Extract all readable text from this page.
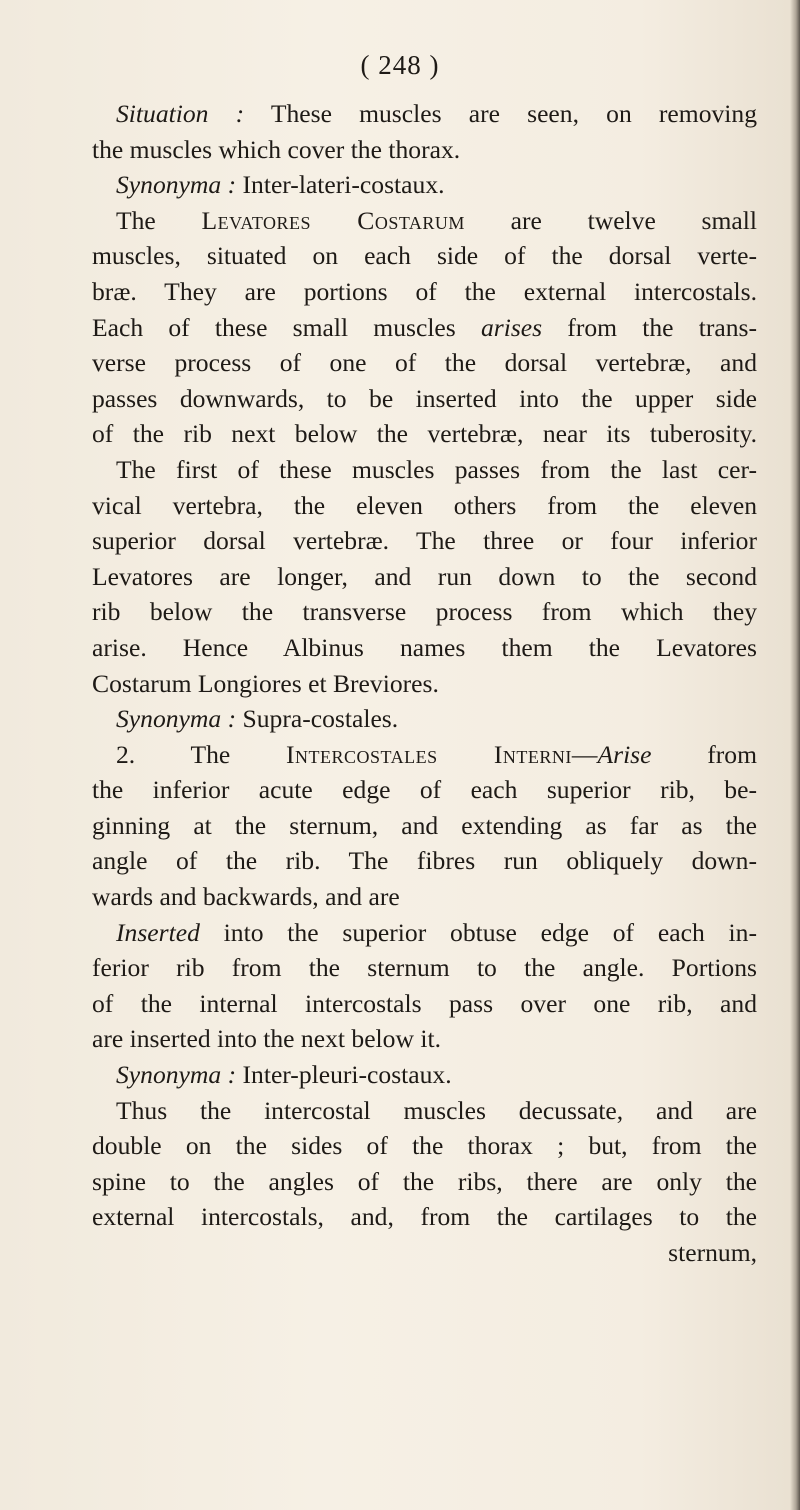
( 248 )
Situation : These muscles are seen, on removing
the muscles which cover the thorax.
Synonyma : Inter-lateri-costaux.
The Levatores Costarum are twelve small
muscles, situated on each side of the dorsal verte-
bræ. They are portions of the external intercostals.
Each of these small muscles arises from the trans-
verse process of one of the dorsal vertebræ, and
passes downwards, to be inserted into the upper side
of the rib next below the vertebræ, near its tuberosity.
The first of these muscles passes from the last cer-
vical vertebra, the eleven others from the eleven
superior dorsal vertebræ. The three or four inferior
Levatores are longer, and run down to the second
rib below the transverse process from which they
arise. Hence Albinus names them the Levatores
Costarum Longiores et Breviores.
Synonyma : Supra-costales.
2. The Intercostales Interni—Arise from
the inferior acute edge of each superior rib, be-
ginning at the sternum, and extending as far as the
angle of the rib. The fibres run obliquely down-
wards and backwards, and are
Inserted into the superior obtuse edge of each in-
ferior rib from the sternum to the angle. Portions
of the internal intercostals pass over one rib, and
are inserted into the next below it.
Synonyma : Inter-pleuri-costaux.
Thus the intercostal muscles decussate, and are
double on the sides of the thorax ; but, from the
spine to the angles of the ribs, there are only the
external intercostals, and, from the cartilages to the
sternum,
